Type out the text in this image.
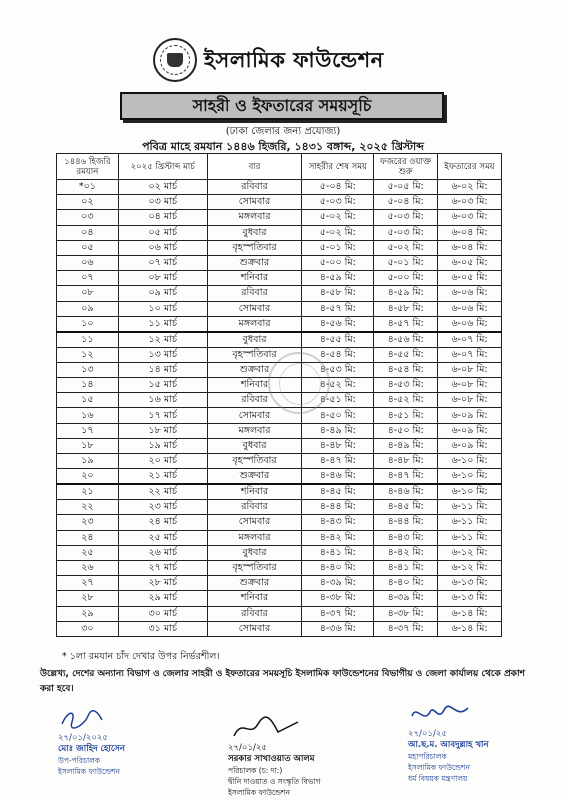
ইসলামিক ফাউন্ডেশন
সাহরী ও ইফতারের সময়সূচি
(ঢাকা জেলার জন্য প্রযোজ্য)
পবিত্র মাহে রমযান ১৪৪৬ হিজরি, ১৪৩১ বঙ্গাব্দ, ২০২৫ খ্রিস্টাব্দ
১৪৪৬ হিজরি রমযান	২০২৫ খ্রিস্টাব্দ মার্চ	বার	সাহরীর শেষ সময়	ফজরের ওয়াক্ত শুরু	ইফতারের সময়
*০১	০২ মার্চ	রবিবার	৫-০৪ মি:	৫-০৫ মি:	৬-০২ মি:
০২	০৩ মার্চ	সোমবার	৫-০৩ মি:	৫-০৪ মি:	৬-০৩ মি:
০৩	০৪ মার্চ	মঙ্গলবার	৫-০২ মি:	৫-০৩ মি:	৬-০৩ মি:
০৪	০৫ মার্চ	বুধবার	৫-০২ মি:	৫-০৩ মি:	৬-০৪ মি:
০৫	০৬ মার্চ	বৃহস্পতিবার	৫-০১ মি:	৫-০২ মি:	৬-০৪ মি:
০৬	০৭ মার্চ	শুক্রবার	৫-০০ মি:	৫-০১ মি:	৬-০৫ মি:
০৭	০৮ মার্চ	শনিবার	৪-৫৯ মি:	৫-০০ মি:	৬-০৫ মি:
০৮	০৯ মার্চ	রবিবার	৪-৫৮ মি:	৪-৫৯ মি:	৬-০৬ মি:
০৯	১০ মার্চ	সোমবার	৪-৫৭ মি:	৪-৫৮ মি:	৬-০৬ মি:
১০	১১ মার্চ	মঙ্গলবার	৪-৫৬ মি:	৪-৫৭ মি:	৬-০৬ মি:
১১	১২ মার্চ	বুধবার	৪-৫৫ মি:	৪-৫৬ মি:	৬-০৭ মি:
১২	১৩ মার্চ	বৃহস্পতিবার	৪-৫৪ মি:	৪-৫৫ মি:	৬-০৭ মি:
১৩	১৪ মার্চ	শুক্রবার	৪-৫৩ মি:	৪-৫৪ মি:	৬-০৮ মি:
১৪	১৫ মার্চ	শনিবার	৪-৫২ মি:	৪-৫৩ মি:	৬-০৮ মি:
১৫	১৬ মার্চ	রবিবার	৪-৫১ মি:	৪-৫২ মি:	৬-০৮ মি:
১৬	১৭ মার্চ	সোমবার	৪-৫০ মি:	৪-৫১ মি:	৬-০৯ মি:
১৭	১৮ মার্চ	মঙ্গলবার	৪-৪৯ মি:	৪-৫০ মি:	৬-০৯ মি:
১৮	১৯ মার্চ	বুধবার	৪-৪৮ মি:	৪-৪৯ মি:	৬-০৯ মি:
১৯	২০ মার্চ	বৃহস্পতিবার	৪-৪৭ মি:	৪-৪৮ মি:	৬-১০ মি:
২০	২১ মার্চ	শুক্রবার	৪-৪৬ মি:	৪-৪৭ মি:	৬-১০ মি:
২১	২২ মার্চ	শনিবার	৪-৪৫ মি:	৪-৪৬ মি:	৬-১০ মি:
২২	২৩ মার্চ	রবিবার	৪-৪৪ মি:	৪-৪৫ মি:	৬-১১ মি:
২৩	২৪ মার্চ	সোমবার	৪-৪৩ মি:	৪-৪৪ মি:	৬-১১ মি:
২৪	২৫ মার্চ	মঙ্গলবার	৪-৪২ মি:	৪-৪৩ মি:	৬-১১ মি:
২৫	২৬ মার্চ	বুধবার	৪-৪১ মি:	৪-৪২ মি:	৬-১২ মি:
২৬	২৭ মার্চ	বৃহস্পতিবার	৪-৪০ মি:	৪-৪১ মি:	৬-১২ মি:
২৭	২৮ মার্চ	শুক্রবার	৪-৩৯ মি:	৪-৪০ মি:	৬-১৩ মি:
২৮	২৯ মার্চ	শনিবার	৪-৩৮ মি:	৪-৩৯ মি:	৬-১৩ মি:
২৯	৩০ মার্চ	রবিবার	৪-৩৭ মি:	৪-৩৮ মি:	৬-১৪ মি:
৩০	৩১ মার্চ	সোমবার	৪-৩৬ মি:	৪-৩৭ মি:	৬-১৪ মি:
* ১লা রমযান চাঁদ দেখার উপর নির্ভরশীল।
উল্লেখ্য, দেশের অন্যান্য বিভাগ ও জেলার সাহরী ও ইফতারের সময়সূচি ইসলামিক ফাউন্ডেশনের বিভাগীয় ও জেলা কার্যালয় থেকে প্রকাশ করা হবে।
২৭/০১/২০২৫
মোঃ জাহিদ হোসেন
উপ-পরিচালক
ইসলামিক ফাউন্ডেশন
২৭/০১/২৫
সরকার সাখাওয়াত আলম
পরিচালক (চ: দা:)
দ্বীনি দাওয়াত ও সংস্কৃতি বিভাগ
ইসলামিক ফাউন্ডেশন
২৭/০১/২৫
আ.ছ.ম. আবদুল্লাহ খান
মহাপরিচালক
ইসলামিক ফাউন্ডেশন
ধর্ম বিষয়ক মন্ত্রণালয়
